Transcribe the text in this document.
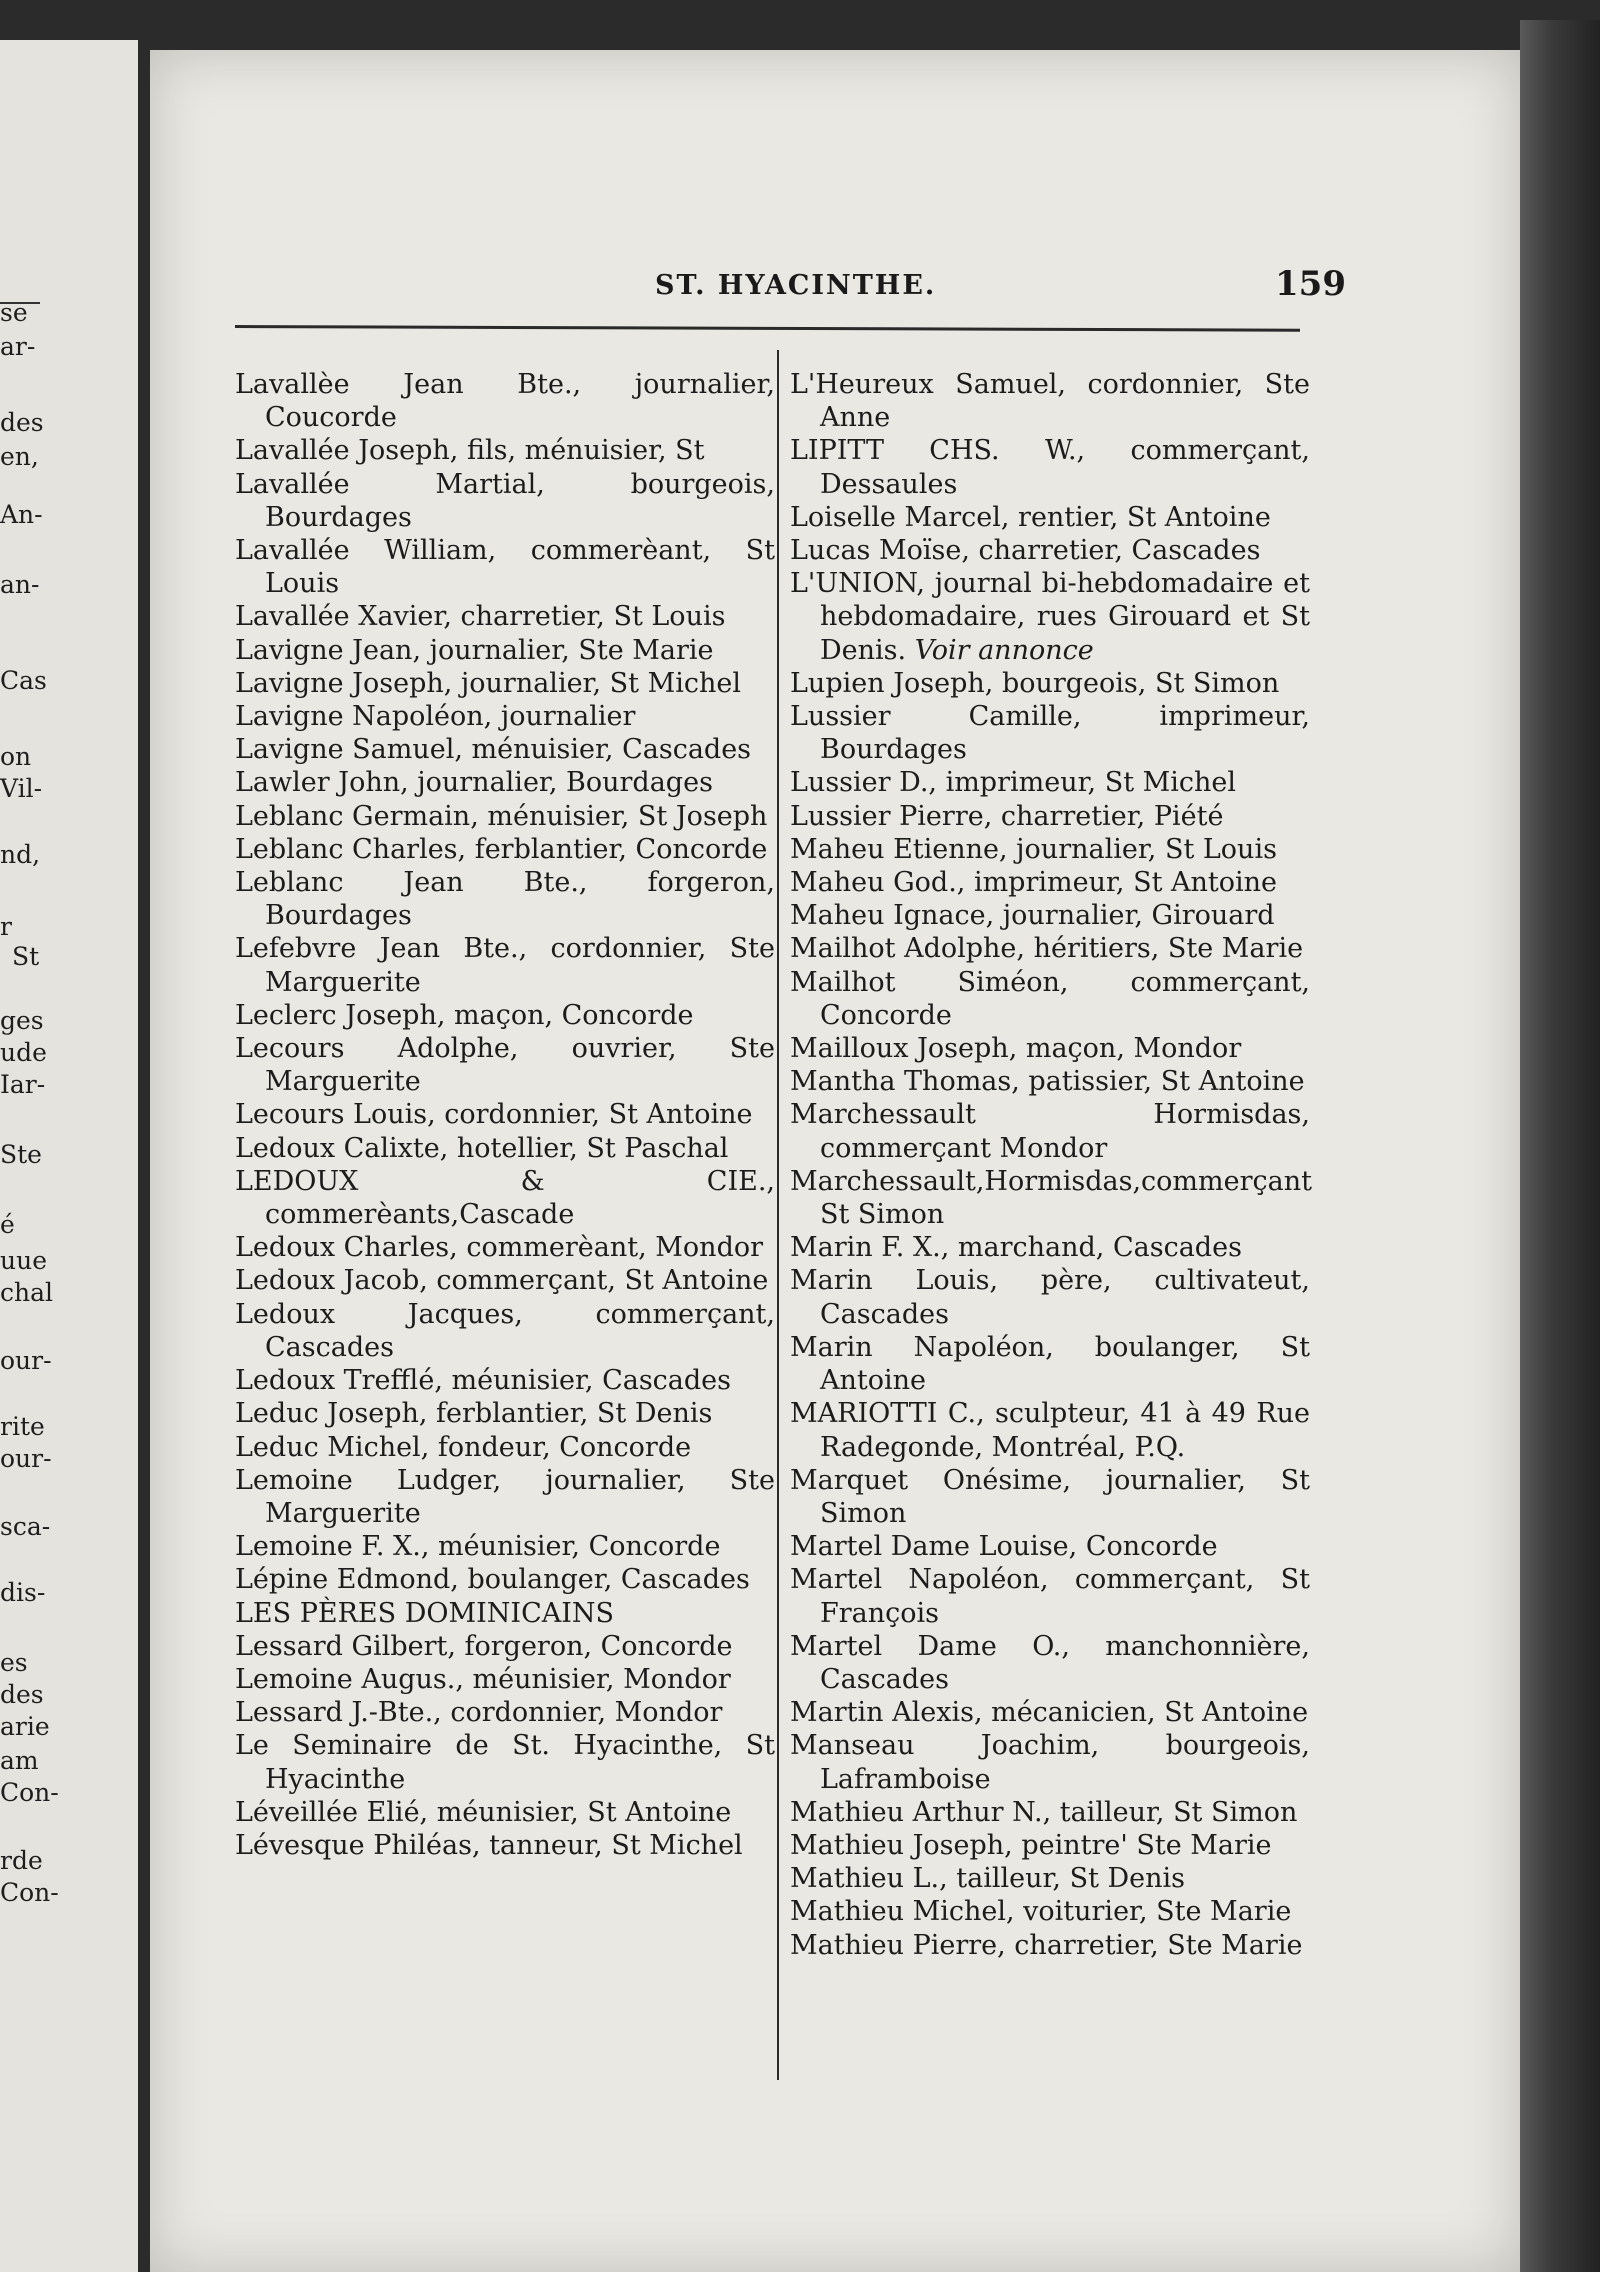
se
ar-
des
en,
An-
an-
Cas
on
Vil-
nd,
r
St
ges
ude
Iar-
Ste
é
uue
chal
our-
rite
our-
sca-
dis-
es
des
arie
am
Con-
rde
Con-
ST. HYACINTHE.	159
Lavallèe Jean Bte., journalier, Coucorde
Lavallée Joseph, fils, ménuisier, St
Lavallée Martial, bourgeois, Bourdages
Lavallée William, commerèant, St Louis
Lavallée Xavier, charretier, St Louis
Lavigne Jean, journalier, Ste Marie
Lavigne Joseph, journalier, St Michel
Lavigne Napoléon, journalier
Lavigne Samuel, ménuisier, Cascades
Lawler John, journalier, Bourdages
Leblanc Germain, ménuisier, St Joseph
Leblanc Charles, ferblantier, Concorde
Leblanc Jean Bte., forgeron, Bourdages
Lefebvre Jean Bte., cordonnier, Ste Marguerite
Leclerc Joseph, maçon, Concorde
Lecours Adolphe, ouvrier, Ste Marguerite
Lecours Louis, cordonnier, St Antoine
Ledoux Calixte, hotellier, St Paschal
LEDOUX & CIE., commerèants,Cascade
Ledoux Charles, commerèant, Mondor
Ledoux Jacob, commerçant, St Antoine
Ledoux Jacques, commerçant, Cascades
Ledoux Trefflé, méunisier, Cascades
Leduc Joseph, ferblantier, St Denis
Leduc Michel, fondeur, Concorde
Lemoine Ludger, journalier, Ste Marguerite
Lemoine F. X., méunisier, Concorde
Lépine Edmond, boulanger, Cascades
LES PÈRES DOMINICAINS
Lessard Gilbert, forgeron, Concorde
Lemoine Augus., méunisier, Mondor
Lessard J.-Bte., cordonnier, Mondor
Le Seminaire de St. Hyacinthe, St Hyacinthe
Léveillée Elié, méunisier, St Antoine
Lévesque Philéas, tanneur, St Michel
L'Heureux Samuel, cordonnier, Ste Anne
LIPITT CHS. W., commerçant, Dessaules
Loiselle Marcel, rentier, St Antoine
Lucas Moïse, charretier, Cascades
L'UNION, journal bi-hebdomadaire et hebdomadaire, rues Girouard et St Denis. Voir annonce
Lupien Joseph, bourgeois, St Simon
Lussier Camille, imprimeur, Bourdages
Lussier D., imprimeur, St Michel
Lussier Pierre, charretier, Piété
Maheu Etienne, journalier, St Louis
Maheu God., imprimeur, St Antoine
Maheu Ignace, journalier, Girouard
Mailhot Adolphe, héritiers, Ste Marie
Mailhot Siméon, commerçant, Concorde
Mailloux Joseph, maçon, Mondor
Mantha Thomas, patissier, St Antoine
Marchessault Hormisdas, commerçant Mondor
Marchessault,Hormisdas,commerçant St Simon
Marin F. X., marchand, Cascades
Marin Louis, père, cultivateut, Cascades
Marin Napoléon, boulanger, St Antoine
MARIOTTI C., sculpteur, 41 à 49 Rue Radegonde, Montréal, P.Q.
Marquet Onésime, journalier, St Simon
Martel Dame Louise, Concorde
Martel Napoléon, commerçant, St François
Martel Dame O., manchonnière, Cascades
Martin Alexis, mécanicien, St Antoine
Manseau Joachim, bourgeois, Laframboise
Mathieu Arthur N., tailleur, St Simon
Mathieu Joseph, peintre' Ste Marie
Mathieu L., tailleur, St Denis
Mathieu Michel, voiturier, Ste Marie
Mathieu Pierre, charretier, Ste Marie
